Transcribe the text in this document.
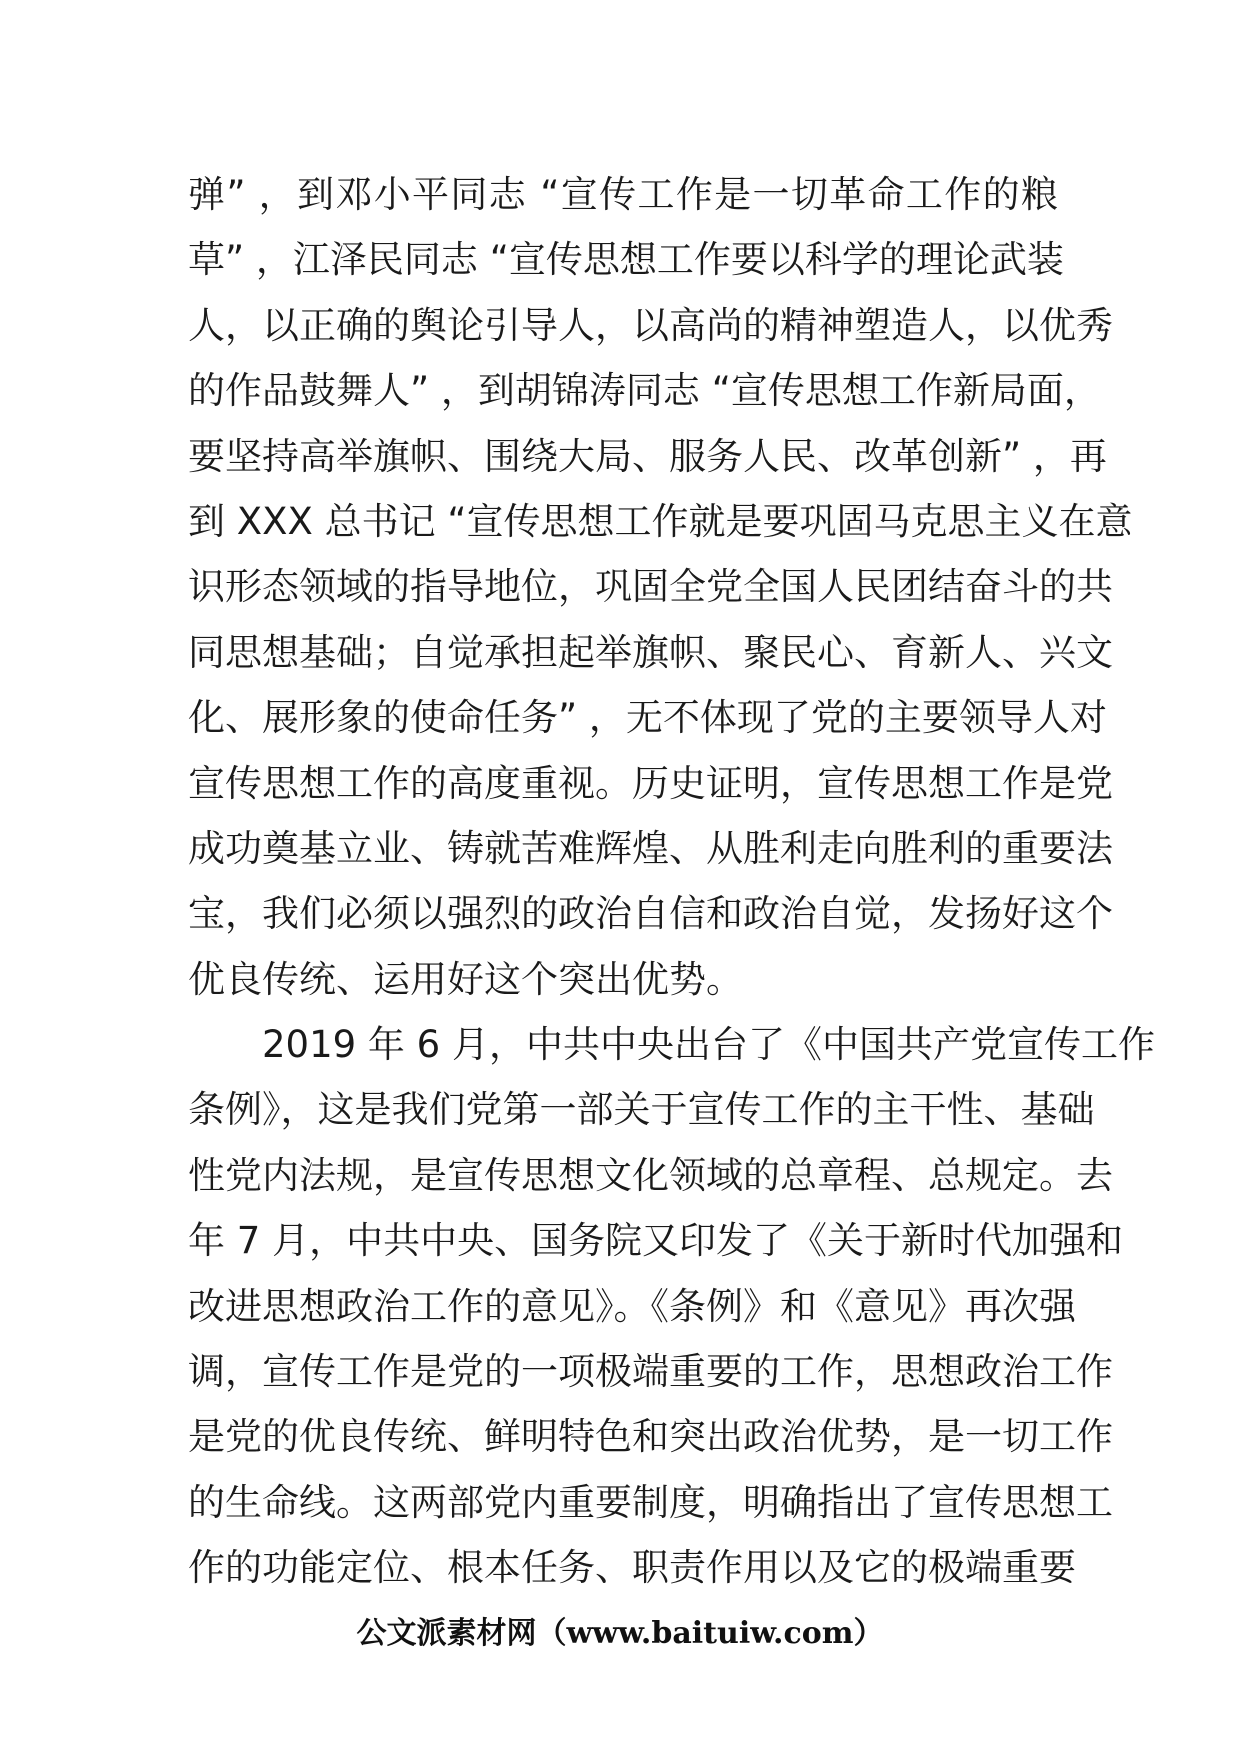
弹” ，到邓小平同志 “宣传工作是一切革命工作的粮
草” ，江泽民同志 “宣传思想工作要以科学的理论武装
人，以正确的舆论引导人，以高尚的精神塑造人，以优秀
的作品鼓舞人” ，到胡锦涛同志 “宣传思想工作新局面，
要坚持高举旗帜、围绕大局、服务人民、改革创新” ，再
到 XXX 总书记 “宣传思想工作就是要巩固马克思主义在意
识形态领域的指导地位，巩固全党全国人民团结奋斗的共
同思想基础；自觉承担起举旗帜、聚民心、育新人、兴文
化、展形象的使命任务” ，无不体现了党的主要领导人对
宣传思想工作的高度重视。历史证明，宣传思想工作是党
成功奠基立业、铸就苦难辉煌、从胜利走向胜利的重要法
宝，我们必须以强烈的政治自信和政治自觉，发扬好这个
优良传统、运用好这个突出优势。
　　2019 年 6 月，中共中央出台了《中国共产党宣传工作
条例》，这是我们党第一部关于宣传工作的主干性、基础
性党内法规，是宣传思想文化领域的总章程、总规定。去
年 7 月，中共中央、国务院又印发了《关于新时代加强和
改进思想政治工作的意见》。《条例》和《意见》再次强
调，宣传工作是党的一项极端重要的工作，思想政治工作
是党的优良传统、鲜明特色和突出政治优势，是一切工作
的生命线。这两部党内重要制度，明确指出了宣传思想工
作的功能定位、根本任务、职责作用以及它的极端重要
公文派素材网（www.baituiw.com）
